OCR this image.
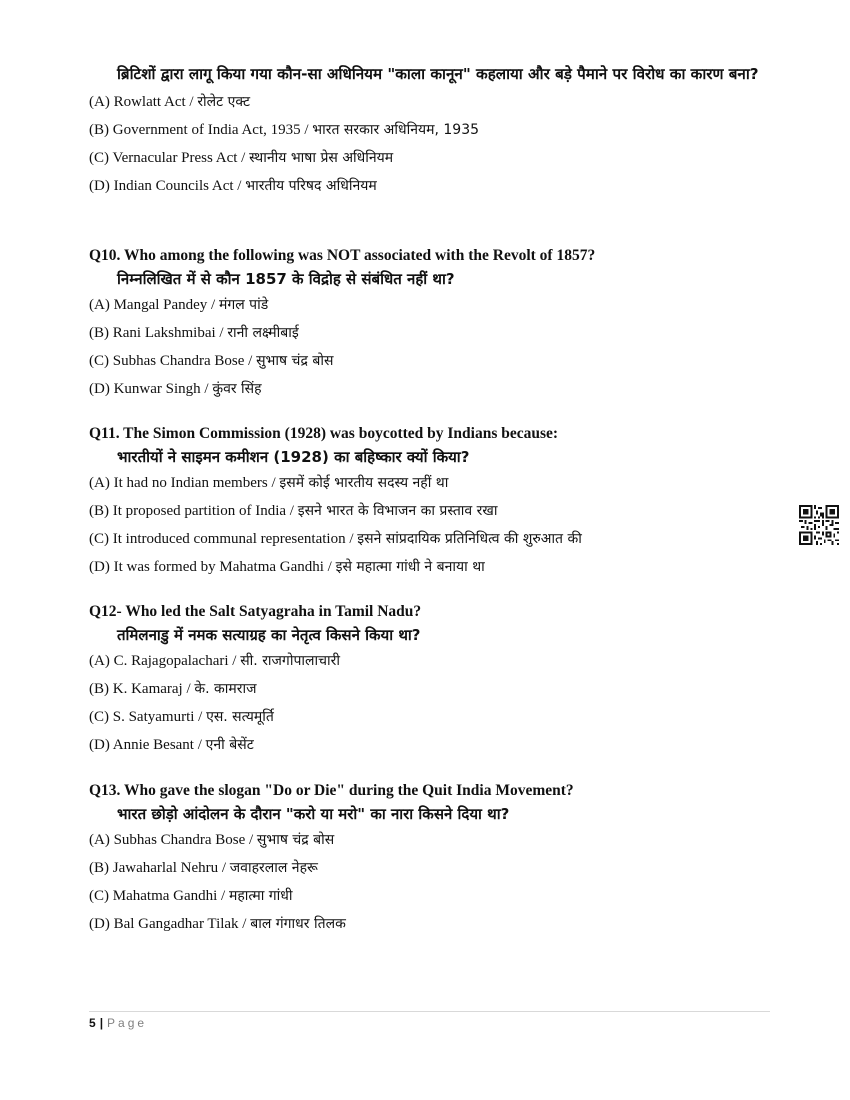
ब्रिटिशों द्वारा लागू किया गया कौन-सा अधिनियम "काला कानून" कहलाया और बड़े पैमाने पर विरोध का कारण बना?

(A) Rowlatt Act / रोलेट एक्ट

(B) Government of India Act, 1935 / भारत सरकार अधिनियम, 1935

(C) Vernacular Press Act / स्थानीय भाषा प्रेस अधिनियम

(D) Indian Councils Act / भारतीय परिषद अधिनियम

Q10. Who among the following was NOT associated with the Revolt of 1857?

निम्नलिखित में से कौन 1857 के विद्रोह से संबंधित नहीं था?

(A) Mangal Pandey / मंगल पांडे

(B) Rani Lakshmibai / रानी लक्ष्मीबाई

(C) Subhas Chandra Bose / सुभाष चंद्र बोस

(D) Kunwar Singh / कुंवर सिंह

Q11. The Simon Commission (1928) was boycotted by Indians because:

भारतीयों ने साइमन कमीशन (1928) का बहिष्कार क्यों किया?

(A) It had no Indian members / इसमें कोई भारतीय सदस्य नहीं था

(B) It proposed partition of India / इसने भारत के विभाजन का प्रस्ताव रखा

(C) It introduced communal representation / इसने सांप्रदायिक प्रतिनिधित्व की शुरुआत की

(D) It was formed by Mahatma Gandhi / इसे महात्मा गांधी ने बनाया था

Q12- Who led the Salt Satyagraha in Tamil Nadu?

तमिलनाडु में नमक सत्याग्रह का नेतृत्व किसने किया था?

(A) C. Rajagopalachari / सी. राजगोपालाचारी

(B) K. Kamaraj / के. कामराज

(C) S. Satyamurti / एस. सत्यमूर्ति

(D) Annie Besant / एनी बेसेंट

Q13. Who gave the slogan "Do or Die" during the Quit India Movement?

भारत छोड़ो आंदोलन के दौरान "करो या मरो" का नारा किसने दिया था?

(A) Subhas Chandra Bose / सुभाष चंद्र बोस

(B) Jawaharlal Nehru / जवाहरलाल नेहरू

(C) Mahatma Gandhi / महात्मा गांधी

(D) Bal Gangadhar Tilak / बाल गंगाधर तिलक

5 | Page
